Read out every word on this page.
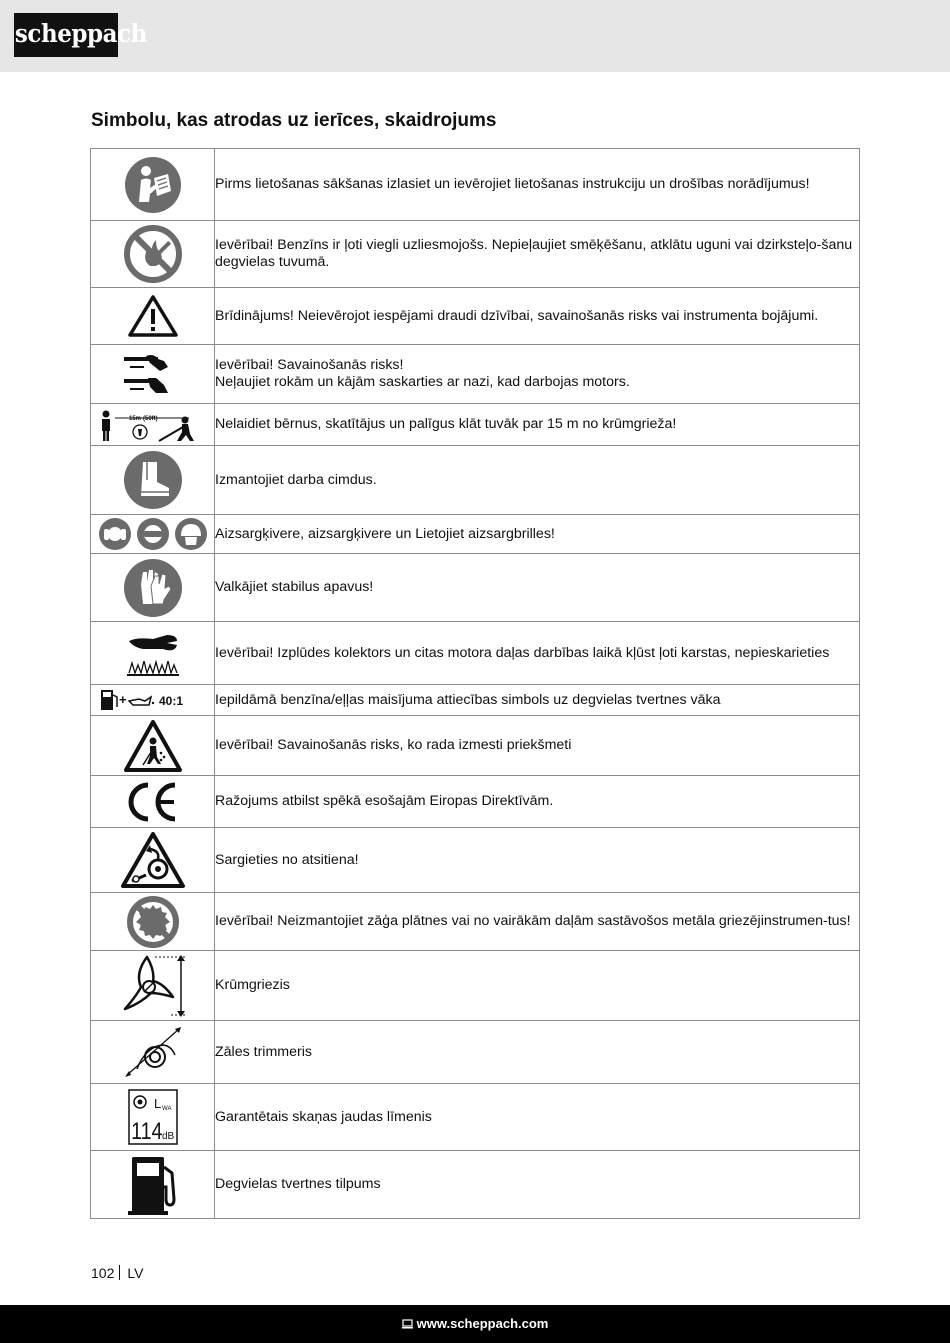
scheppach
Simbolu, kas atrodas uz ierīces, skaidrojums
	Pirms lietošanas sākšanas izlasiet un ievērojiet lietošanas instrukciju un drošības norādījumus!

	Ievērībai! Benzīns ir ļoti viegli uzliesmojošs. Nepieļaujiet smēķēšanu, atklātu uguni vai dzirksteļo-šanu degvielas tuvumā.

	Brīdinājums! Neievērojot iespējami draudi dzīvībai, savainošanās risks vai instrumenta bojājumi.

	Ievērībai! Savainošanās risks!
Neļaujiet rokām un kājām saskarties ar nazi, kad darbojas motors.

15m (50ft)	Nelaidiet bērnus, skatītājus un palīgus klāt tuvāk par 15 m no krūmgrieža!

	Izmantojiet darba cimdus.

	Aizsargķivere, aizsargķivere un Lietojiet aizsargbrilles!

	Valkājiet stabilus apavus!

	Ievērībai! Izplūdes kolektors un citas motora daļas darbības laikā kļūst ļoti karstas, nepieskarieties

+ 40:1	Iepildāmā benzīna/eļļas maisījuma attiecības simbols uz degvielas tvertnes vāka

	Ievērībai! Savainošanās risks, ko rada izmesti priekšmeti

	Ražojums atbilst spēkā esošajām Eiropas Direktīvām.

	Sargieties no atsitiena!

	Ievērībai! Neizmantojiet zāģa plātnes vai no vairākām daļām sastāvošos metāla griezējinstrumen-tus!

	Krūmgriezis

	Zāles trimmeris

L WA
114 dB	Garantētais skaņas jaudas līmenis

	Degvielas tvertnes tilpums
102 LV
www.scheppach.com
